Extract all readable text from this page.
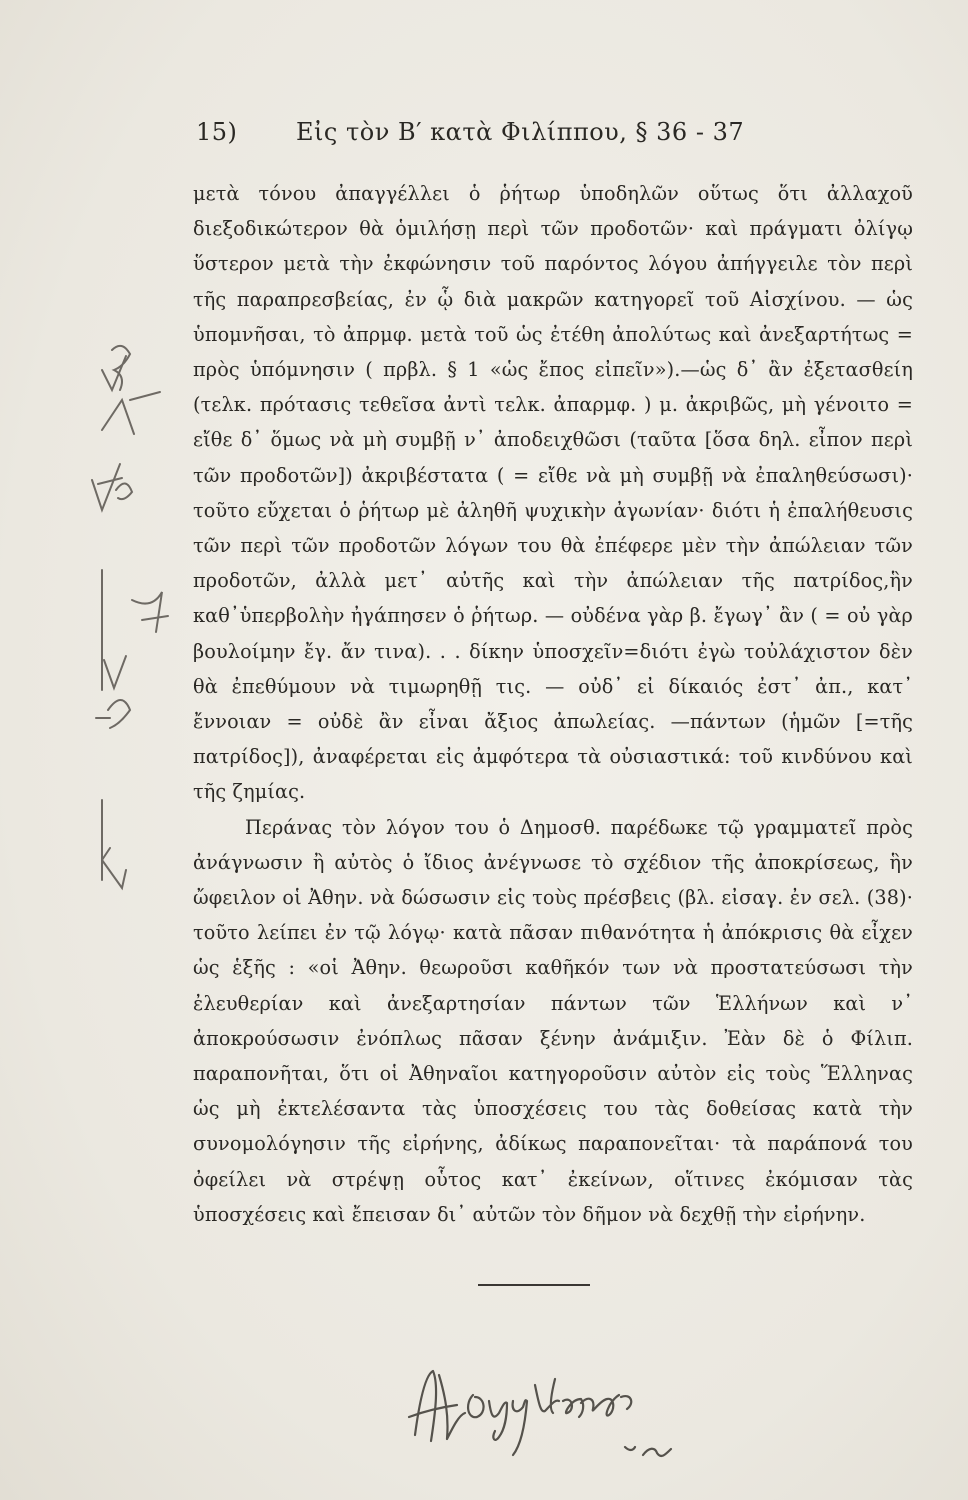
15) Εἰς τὸν Β′ κατὰ Φιλίππου, § 36 - 37

μετὰ τόνου ἀπαγγέλλει ὁ ῥήτωρ ὑποδηλῶν οὕτως ὅτι ἀλλαχοῦ διεξοδικώτερον θὰ ὁμιλήσῃ περὶ τῶν προδοτῶν· καὶ πράγματι ὀλίγῳ ὕστερον μετὰ τὴν ἐκφώνησιν τοῦ παρόντος λόγου ἀπήγγειλε τὸν περὶ τῆς παραπρεσβείας, ἐν ᾧ διὰ μακρῶν κατηγορεῖ τοῦ Αἰσχίνου. — ὡς ὑπομνῆσαι, τὸ ἀπρμφ. μετὰ τοῦ ὡς ἐτέθη ἀπολύτως καὶ ἀνεξαρτήτως = πρὸς ὑπόμνησιν ( πρβλ. § 1 «ὡς ἔπος εἰπεῖν»).—ὡς δ᾿ ἂν ἐξετασθείη (τελκ. πρότασις τεθεῖσα ἀντὶ τελκ. ἀπαρμφ. ) μ. ἀκριβῶς, μὴ γένοιτο = εἴθε δ᾿ ὅμως νὰ μὴ συμβῇ ν᾿ ἀποδειχθῶσι (ταῦτα [ὅσα δηλ. εἶπον περὶ τῶν προδοτῶν]) ἀκριβέστατα ( = εἴθε νὰ μὴ συμβῇ νὰ ἐπαληθεύσωσι)· τοῦτο εὔχεται ὁ ῥήτωρ μὲ ἀληθῆ ψυχικὴν ἀγωνίαν· διότι ἡ ἐπαλήθευσις τῶν περὶ τῶν προδοτῶν λόγων του θὰ ἐπέφερε μὲν τὴν ἀπώλειαν τῶν προδοτῶν, ἀλλὰ μετ᾿ αὐτῆς καὶ τὴν ἀπώλειαν τῆς πατρίδος,ἣν καθ᾿ὑπερβολὴν ἠγάπησεν ὁ ῥήτωρ. — οὐδένα γὰρ β. ἔγωγ᾿ ἂν ( = οὐ γὰρ βουλοίμην ἔγ. ἄν τινα). . . δίκην ὑποσχεῖν=διότι ἐγὼ τοὐλάχιστον δὲν θὰ ἐπεθύμουν νὰ τιμωρηθῇ τις. — οὐδ᾿ εἰ δίκαιός ἐστ᾿ ἀπ., κατ᾿ ἔννοιαν = οὐδὲ ἂν εἶναι ἄξιος ἀπωλείας. —πάντων (ἡμῶν [=τῆς πατρίδος]), ἀναφέρεται εἰς ἀμφότερα τὰ οὐσιαστικά: τοῦ κινδύνου καὶ τῆς ζημίας.

Περάνας τὸν λόγον του ὁ Δημοσθ. παρέδωκε τῷ γραμματεῖ πρὸς ἀνάγνωσιν ἢ αὐτὸς ὁ ἴδιος ἀνέγνωσε τὸ σχέδιον τῆς ἀποκρίσεως, ἣν ὤφειλον οἱ Ἀθην. νὰ δώσωσιν εἰς τοὺς πρέσβεις (βλ. εἰσαγ. ἐν σελ. (38)· τοῦτο λείπει ἐν τῷ λόγῳ· κατὰ πᾶσαν πιθανότητα ἡ ἀπόκρισις θὰ εἶχεν ὡς ἑξῆς : «οἱ Ἀθην. θεωροῦσι καθῆκόν των νὰ προστατεύσωσι τὴν ἐλευθερίαν καὶ ἀνεξαρτησίαν πάντων τῶν Ἑλλήνων καὶ ν᾿ ἀποκρούσωσιν ἐνόπλως πᾶσαν ξένην ἀνάμιξιν. Ἐὰν δὲ ὁ Φίλιπ. παραπονῆται, ὅτι οἱ Ἀθηναῖοι κατηγοροῦσιν αὐτὸν εἰς τοὺς Ἕλληνας ὡς μὴ ἐκτελέσαντα τὰς ὑποσχέσεις του τὰς δοθείσας κατὰ τὴν συνομολόγησιν τῆς εἰρήνης, ἀδίκως παραπονεῖται· τὰ παράπονά του ὀφείλει νὰ στρέψῃ οὗτος κατ᾿ ἐκείνων, οἵτινες ἐκόμισαν τὰς ὑποσχέσεις καὶ ἔπεισαν δι᾿ αὐτῶν τὸν δῆμον νὰ δεχθῇ τὴν εἰρήνην.
